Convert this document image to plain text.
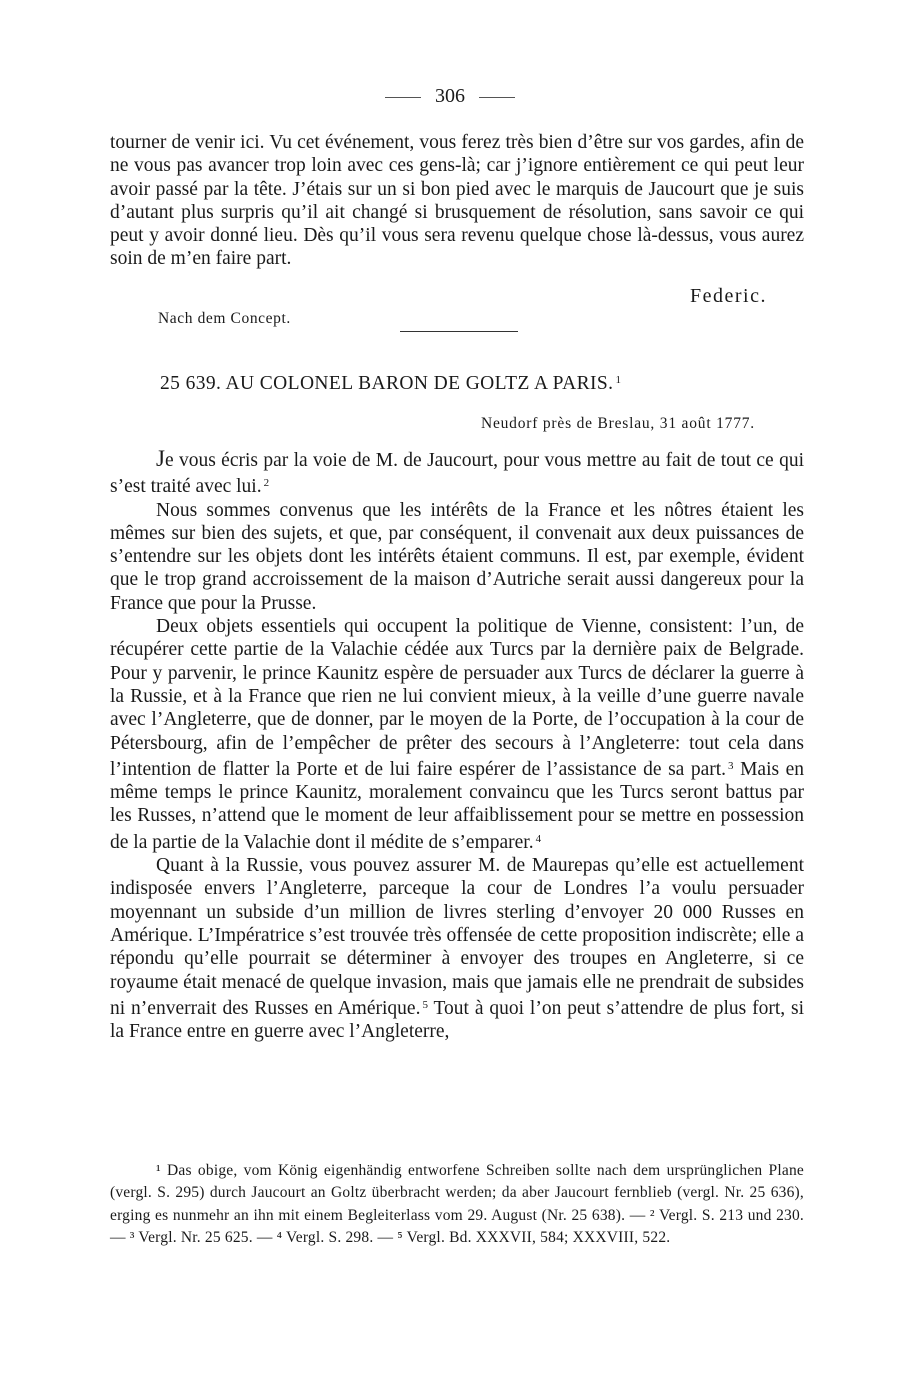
306

tourner de venir ici. Vu cet événement, vous ferez très bien d’être sur vos gardes, afin de ne vous pas avancer trop loin avec ces gens-là; car j’ignore entièrement ce qui peut leur avoir passé par la tête. J’étais sur un si bon pied avec le marquis de Jaucourt que je suis d’autant plus surpris qu’il ait changé si brusquement de résolution, sans savoir ce qui peut y avoir donné lieu. Dès qu’il vous sera revenu quelque chose là-dessus, vous aurez soin de m’en faire part.

Federic.
Nach dem Concept.
25 639. AU COLONEL BARON DE GOLTZ A PARIS. $^1$
Neudorf près de Breslau, 31 août 1777.

Je vous écris par la voie de M. de Jaucourt, pour vous mettre au fait de tout ce qui s’est traité avec lui. $^2$

Nous sommes convenus que les intérêts de la France et les nôtres étaient les mêmes sur bien des sujets, et que, par conséquent, il convenait aux deux puissances de s’entendre sur les objets dont les intérêts étaient communs. Il est, par exemple, évident que le trop grand accroissement de la maison d’Autriche serait aussi dangereux pour la France que pour la Prusse.

Deux objets essentiels qui occupent la politique de Vienne, consistent: l’un, de récupérer cette partie de la Valachie cédée aux Turcs par la dernière paix de Belgrade. Pour y parvenir, le prince Kaunitz espère de persuader aux Turcs de déclarer la guerre à la Russie, et à la France que rien ne lui convient mieux, à la veille d’une guerre navale avec l’Angleterre, que de donner, par le moyen de la Porte, de l’occupation à la cour de Pétersbourg, afin de l’empêcher de prêter des secours à l’Angleterre: tout cela dans l’intention de flatter la Porte et de lui faire espérer de l’assistance de sa part. $^3$ Mais en même temps le prince Kaunitz, moralement convaincu que les Turcs seront battus par les Russes, n’attend que le moment de leur affaiblissement pour se mettre en possession de la partie de la Valachie dont il médite de s’emparer. $^4$

Quant à la Russie, vous pouvez assurer M. de Maurepas qu’elle est actuellement indisposée envers l’Angleterre, parceque la cour de Londres l’a voulu persuader moyennant un subside d’un million de livres sterling d’envoyer 20 000 Russes en Amérique. L’Impératrice s’est trouvée très offensée de cette proposition indiscrète; elle a répondu qu’elle pourrait se déterminer à envoyer des troupes en Angleterre, si ce royaume était menacé de quelque invasion, mais que jamais elle ne prendrait de subsides ni n’enverrait des Russes en Amérique. $^5$ Tout à quoi l’on peut s’attendre de plus fort, si la France entre en guerre avec l’Angleterre,

¹ Das obige, vom König eigenhändig entworfene Schreiben sollte nach dem ursprünglichen Plane (vergl. S. 295) durch Jaucourt an Goltz überbracht werden; da aber Jaucourt fernblieb (vergl. Nr. 25 636), erging es nunmehr an ihn mit einem Begleiterlass vom 29. August (Nr. 25 638). — ² Vergl. S. 213 und 230. — ³ Vergl. Nr. 25 625. — ⁴ Vergl. S. 298. — ⁵ Vergl. Bd. XXXVII, 584; XXXVIII, 522.
